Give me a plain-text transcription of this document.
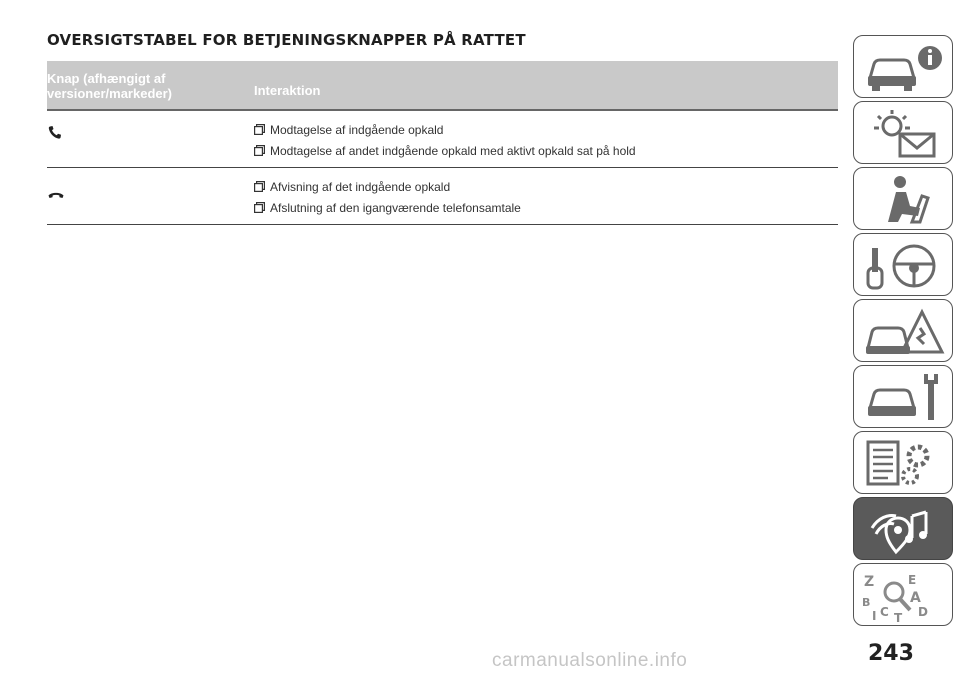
OVERSIGTSTABEL FOR BETJENINGSKNAPPER PÅ RATTET
Knap (afhængigt af versioner/markeder)	Interaktion
Modtagelse af indgående opkald
Modtagelse af andet indgående opkald med aktivt opkald sat på hold
Afvisning af det indgående opkald
Afslutning af den igangværende telefonsamtale
Z	E
B	A
D
C T
I
243
carmanualsonline.info
